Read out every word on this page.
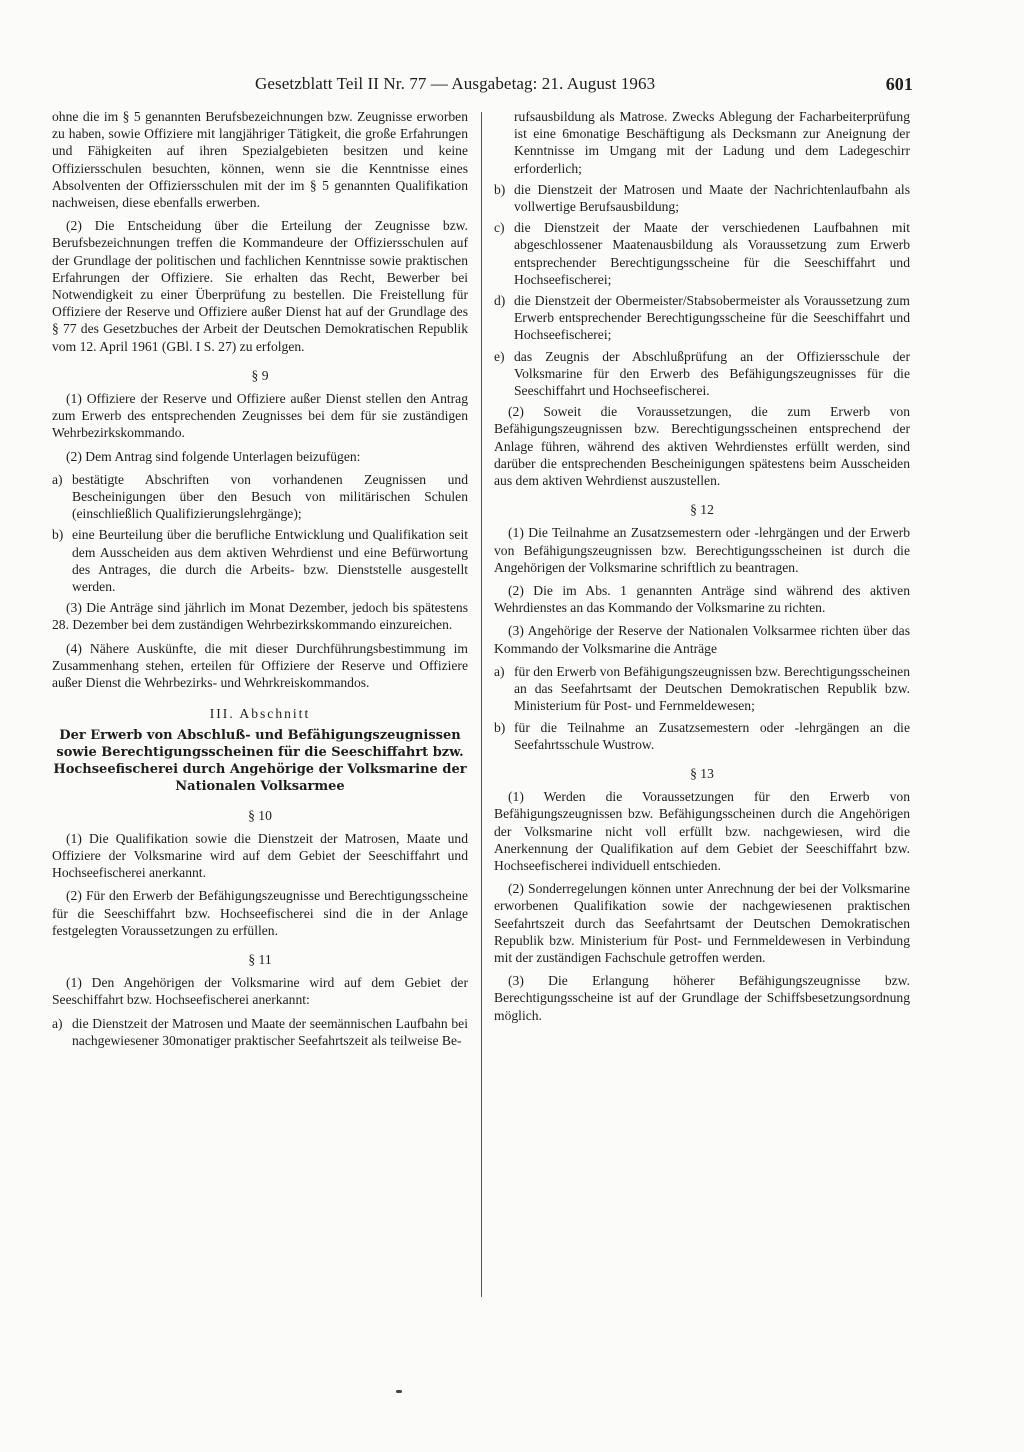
Gesetzblatt Teil II Nr. 77 — Ausgabetag: 21. August 1963	601

ohne die im § 5 genannten Berufsbezeichnungen bzw. Zeugnisse erworben zu haben, sowie Offiziere mit langjähriger Tätigkeit, die große Erfahrungen und Fähigkeiten auf ihren Spezialgebieten besitzen und keine Offiziersschulen besuchten, können, wenn sie die Kenntnisse eines Absolventen der Offiziersschulen mit der im § 5 genannten Qualifikation nachweisen, diese ebenfalls erwerben.

(2) Die Entscheidung über die Erteilung der Zeugnisse bzw. Berufsbezeichnungen treffen die Kommandeure der Offiziersschulen auf der Grundlage der politischen und fachlichen Kenntnisse sowie praktischen Erfahrungen der Offiziere. Sie erhalten das Recht, Bewerber bei Notwendigkeit zu einer Überprüfung zu bestellen. Die Freistellung für Offiziere der Reserve und Offiziere außer Dienst hat auf der Grundlage des § 77 des Gesetzbuches der Arbeit der Deutschen Demokratischen Republik vom 12. April 1961 (GBl. I S. 27) zu erfolgen.

§ 9

(1) Offiziere der Reserve und Offiziere außer Dienst stellen den Antrag zum Erwerb des entsprechenden Zeugnisses bei dem für sie zuständigen Wehrbezirkskommando.

(2) Dem Antrag sind folgende Unterlagen beizufügen:

a) bestätigte Abschriften von vorhandenen Zeugnissen und Bescheinigungen über den Besuch von militärischen Schulen (einschließlich Qualifizierungslehrgänge);
b) eine Beurteilung über die berufliche Entwicklung und Qualifikation seit dem Ausscheiden aus dem aktiven Wehrdienst und eine Befürwortung des Antrages, die durch die Arbeits- bzw. Dienststelle ausgestellt werden.

(3) Die Anträge sind jährlich im Monat Dezember, jedoch bis spätestens 28. Dezember bei dem zuständigen Wehrbezirkskommando einzureichen.

(4) Nähere Auskünfte, die mit dieser Durchführungsbestimmung im Zusammenhang stehen, erteilen für Offiziere der Reserve und Offiziere außer Dienst die Wehrbezirks- und Wehrkreiskommandos.

III. Abschnitt
Der Erwerb von Abschluß- und Befähigungszeugnissen sowie Berechtigungsscheinen für die Seeschiffahrt bzw. Hochseefischerei durch Angehörige der Volksmarine der Nationalen Volksarmee
§ 10

(1) Die Qualifikation sowie die Dienstzeit der Matrosen, Maate und Offiziere der Volksmarine wird auf dem Gebiet der Seeschiffahrt und Hochseefischerei anerkannt.

(2) Für den Erwerb der Befähigungszeugnisse und Berechtigungsscheine für die Seeschiffahrt bzw. Hochseefischerei sind die in der Anlage festgelegten Voraussetzungen zu erfüllen.

§ 11

(1) Den Angehörigen der Volksmarine wird auf dem Gebiet der Seeschiffahrt bzw. Hochseefischerei anerkannt:

a) die Dienstzeit der Matrosen und Maate der seemännischen Laufbahn bei nachgewiesener 30monatiger praktischer Seefahrtszeit als teilweise Be-
rufsausbildung als Matrose. Zwecks Ablegung der Facharbeiterprüfung ist eine 6monatige Beschäftigung als Decksmann zur Aneignung der Kenntnisse im Umgang mit der Ladung und dem Ladegeschirr erforderlich;
b) die Dienstzeit der Matrosen und Maate der Nachrichtenlaufbahn als vollwertige Berufsausbildung;
c) die Dienstzeit der Maate der verschiedenen Laufbahnen mit abgeschlossener Maatenausbildung als Voraussetzung zum Erwerb entsprechender Berechtigungsscheine für die Seeschiffahrt und Hochseefischerei;
d) die Dienstzeit der Obermeister/Stabsobermeister als Voraussetzung zum Erwerb entsprechender Berechtigungsscheine für die Seeschiffahrt und Hochseefischerei;
e) das Zeugnis der Abschlußprüfung an der Offiziersschule der Volksmarine für den Erwerb des Befähigungszeugnisses für die Seeschiffahrt und Hochseefischerei.

(2) Soweit die Voraussetzungen, die zum Erwerb von Befähigungszeugnissen bzw. Berechtigungsscheinen entsprechend der Anlage führen, während des aktiven Wehrdienstes erfüllt werden, sind darüber die entsprechenden Bescheinigungen spätestens beim Ausscheiden aus dem aktiven Wehrdienst auszustellen.

§ 12

(1) Die Teilnahme an Zusatzsemestern oder -lehrgängen und der Erwerb von Befähigungszeugnissen bzw. Berechtigungsscheinen ist durch die Angehörigen der Volksmarine schriftlich zu beantragen.

(2) Die im Abs. 1 genannten Anträge sind während des aktiven Wehrdienstes an das Kommando der Volksmarine zu richten.

(3) Angehörige der Reserve der Nationalen Volksarmee richten über das Kommando der Volksmarine die Anträge

a) für den Erwerb von Befähigungszeugnissen bzw. Berechtigungsscheinen an das Seefahrtsamt der Deutschen Demokratischen Republik bzw. Ministerium für Post- und Fernmeldewesen;
b) für die Teilnahme an Zusatzsemestern oder -lehrgängen an die Seefahrtsschule Wustrow.
§ 13

(1) Werden die Voraussetzungen für den Erwerb von Befähigungszeugnissen bzw. Befähigungsscheinen durch die Angehörigen der Volksmarine nicht voll erfüllt bzw. nachgewiesen, wird die Anerkennung der Qualifikation auf dem Gebiet der Seeschiffahrt bzw. Hochseefischerei individuell entschieden.

(2) Sonderregelungen können unter Anrechnung der bei der Volksmarine erworbenen Qualifikation sowie der nachgewiesenen praktischen Seefahrtszeit durch das Seefahrtsamt der Deutschen Demokratischen Republik bzw. Ministerium für Post- und Fernmeldewesen in Verbindung mit der zuständigen Fachschule getroffen werden.

(3) Die Erlangung höherer Befähigungszeugnisse bzw. Berechtigungsscheine ist auf der Grundlage der Schiffsbesetzungsordnung möglich.
